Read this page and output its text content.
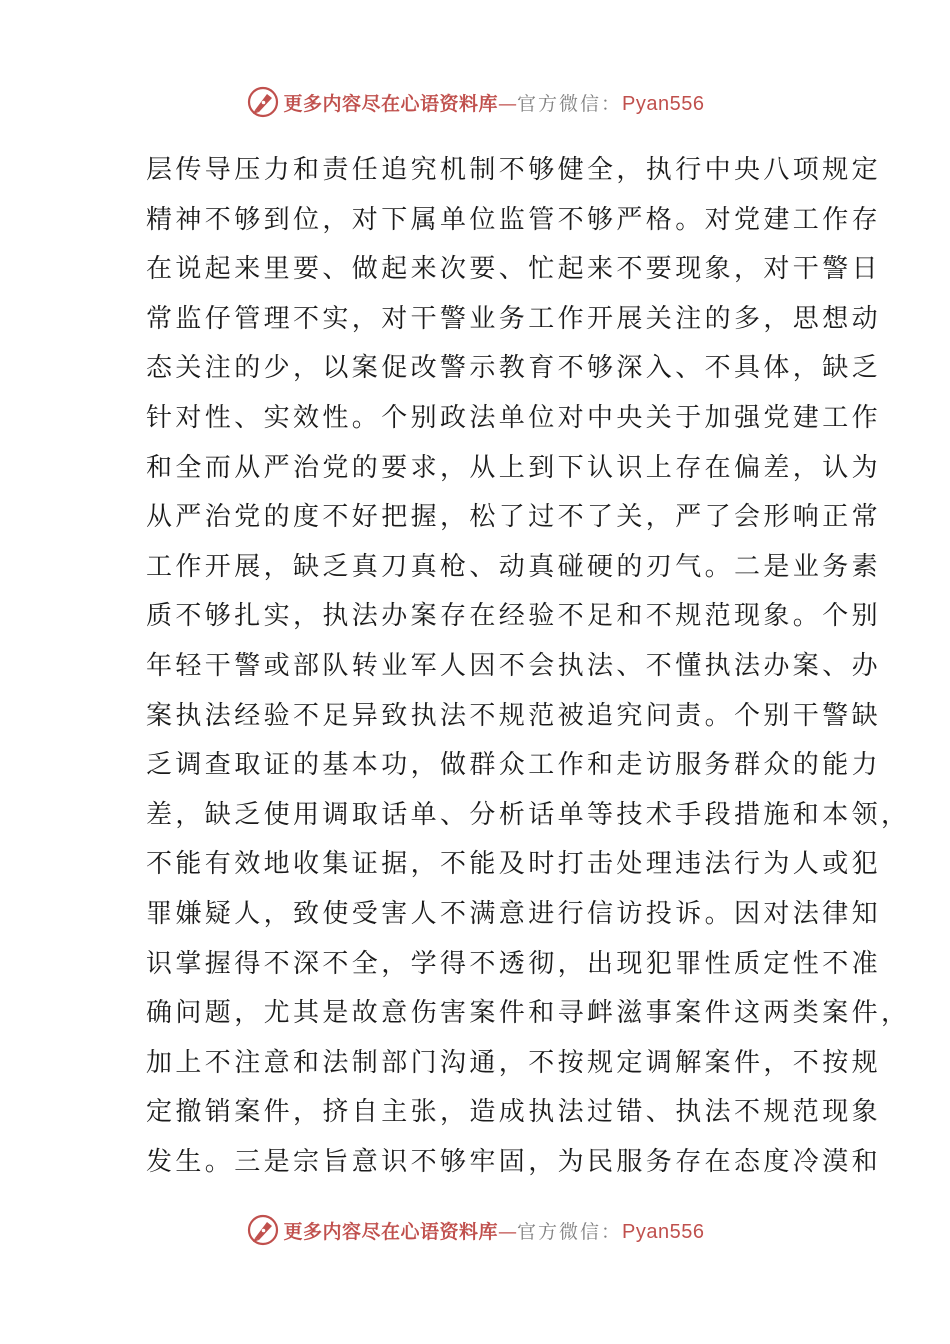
更多内容尽在心语资料库—官方微信：Pyan556
层传导压力和责任追究机制不够健全，执行中央八项规定
精神不够到位，对下属单位监管不够严格。对党建工作存
在说起来里要、做起来次要、忙起来不要现象，对干警日
常监仔管理不实，对干警业务工作开展关注的多，思想动
态关注的少，以案促改警示教育不够深入、不具体，缺乏
针对性、实效性。个别政法单位对中央关于加强党建工作
和全而从严治党的要求，从上到下认识上存在偏差，认为
从严治党的度不好把握，松了过不了关，严了会形响正常
工作开展，缺乏真刀真枪、动真碰硬的刃气。二是业务素
质不够扎实，执法办案存在经验不足和不规范现象。个别
年轻干警或部队转业军人因不会执法、不懂执法办案、办
案执法经验不足异致执法不规范被追究问责。个别干警缺
乏调查取证的基本功，做群众工作和走访服务群众的能力
差，缺乏使用调取话单、分析话单等技术手段措施和本领，
不能有效地收集证据，不能及时打击处理违法行为人或犯
罪嫌疑人，致使受害人不满意进行信访投诉。因对法律知
识掌握得不深不全，学得不透彻，出现犯罪性质定性不准
确问题，尤其是故意伤害案件和寻衅滋事案件这两类案件，
加上不注意和法制部门沟通，不按规定调解案件，不按规
定撤销案件，挤自主张，造成执法过错、执法不规范现象
发生。三是宗旨意识不够牢固，为民服务存在态度冷漠和
更多内容尽在心语资料库—官方微信：Pyan556
